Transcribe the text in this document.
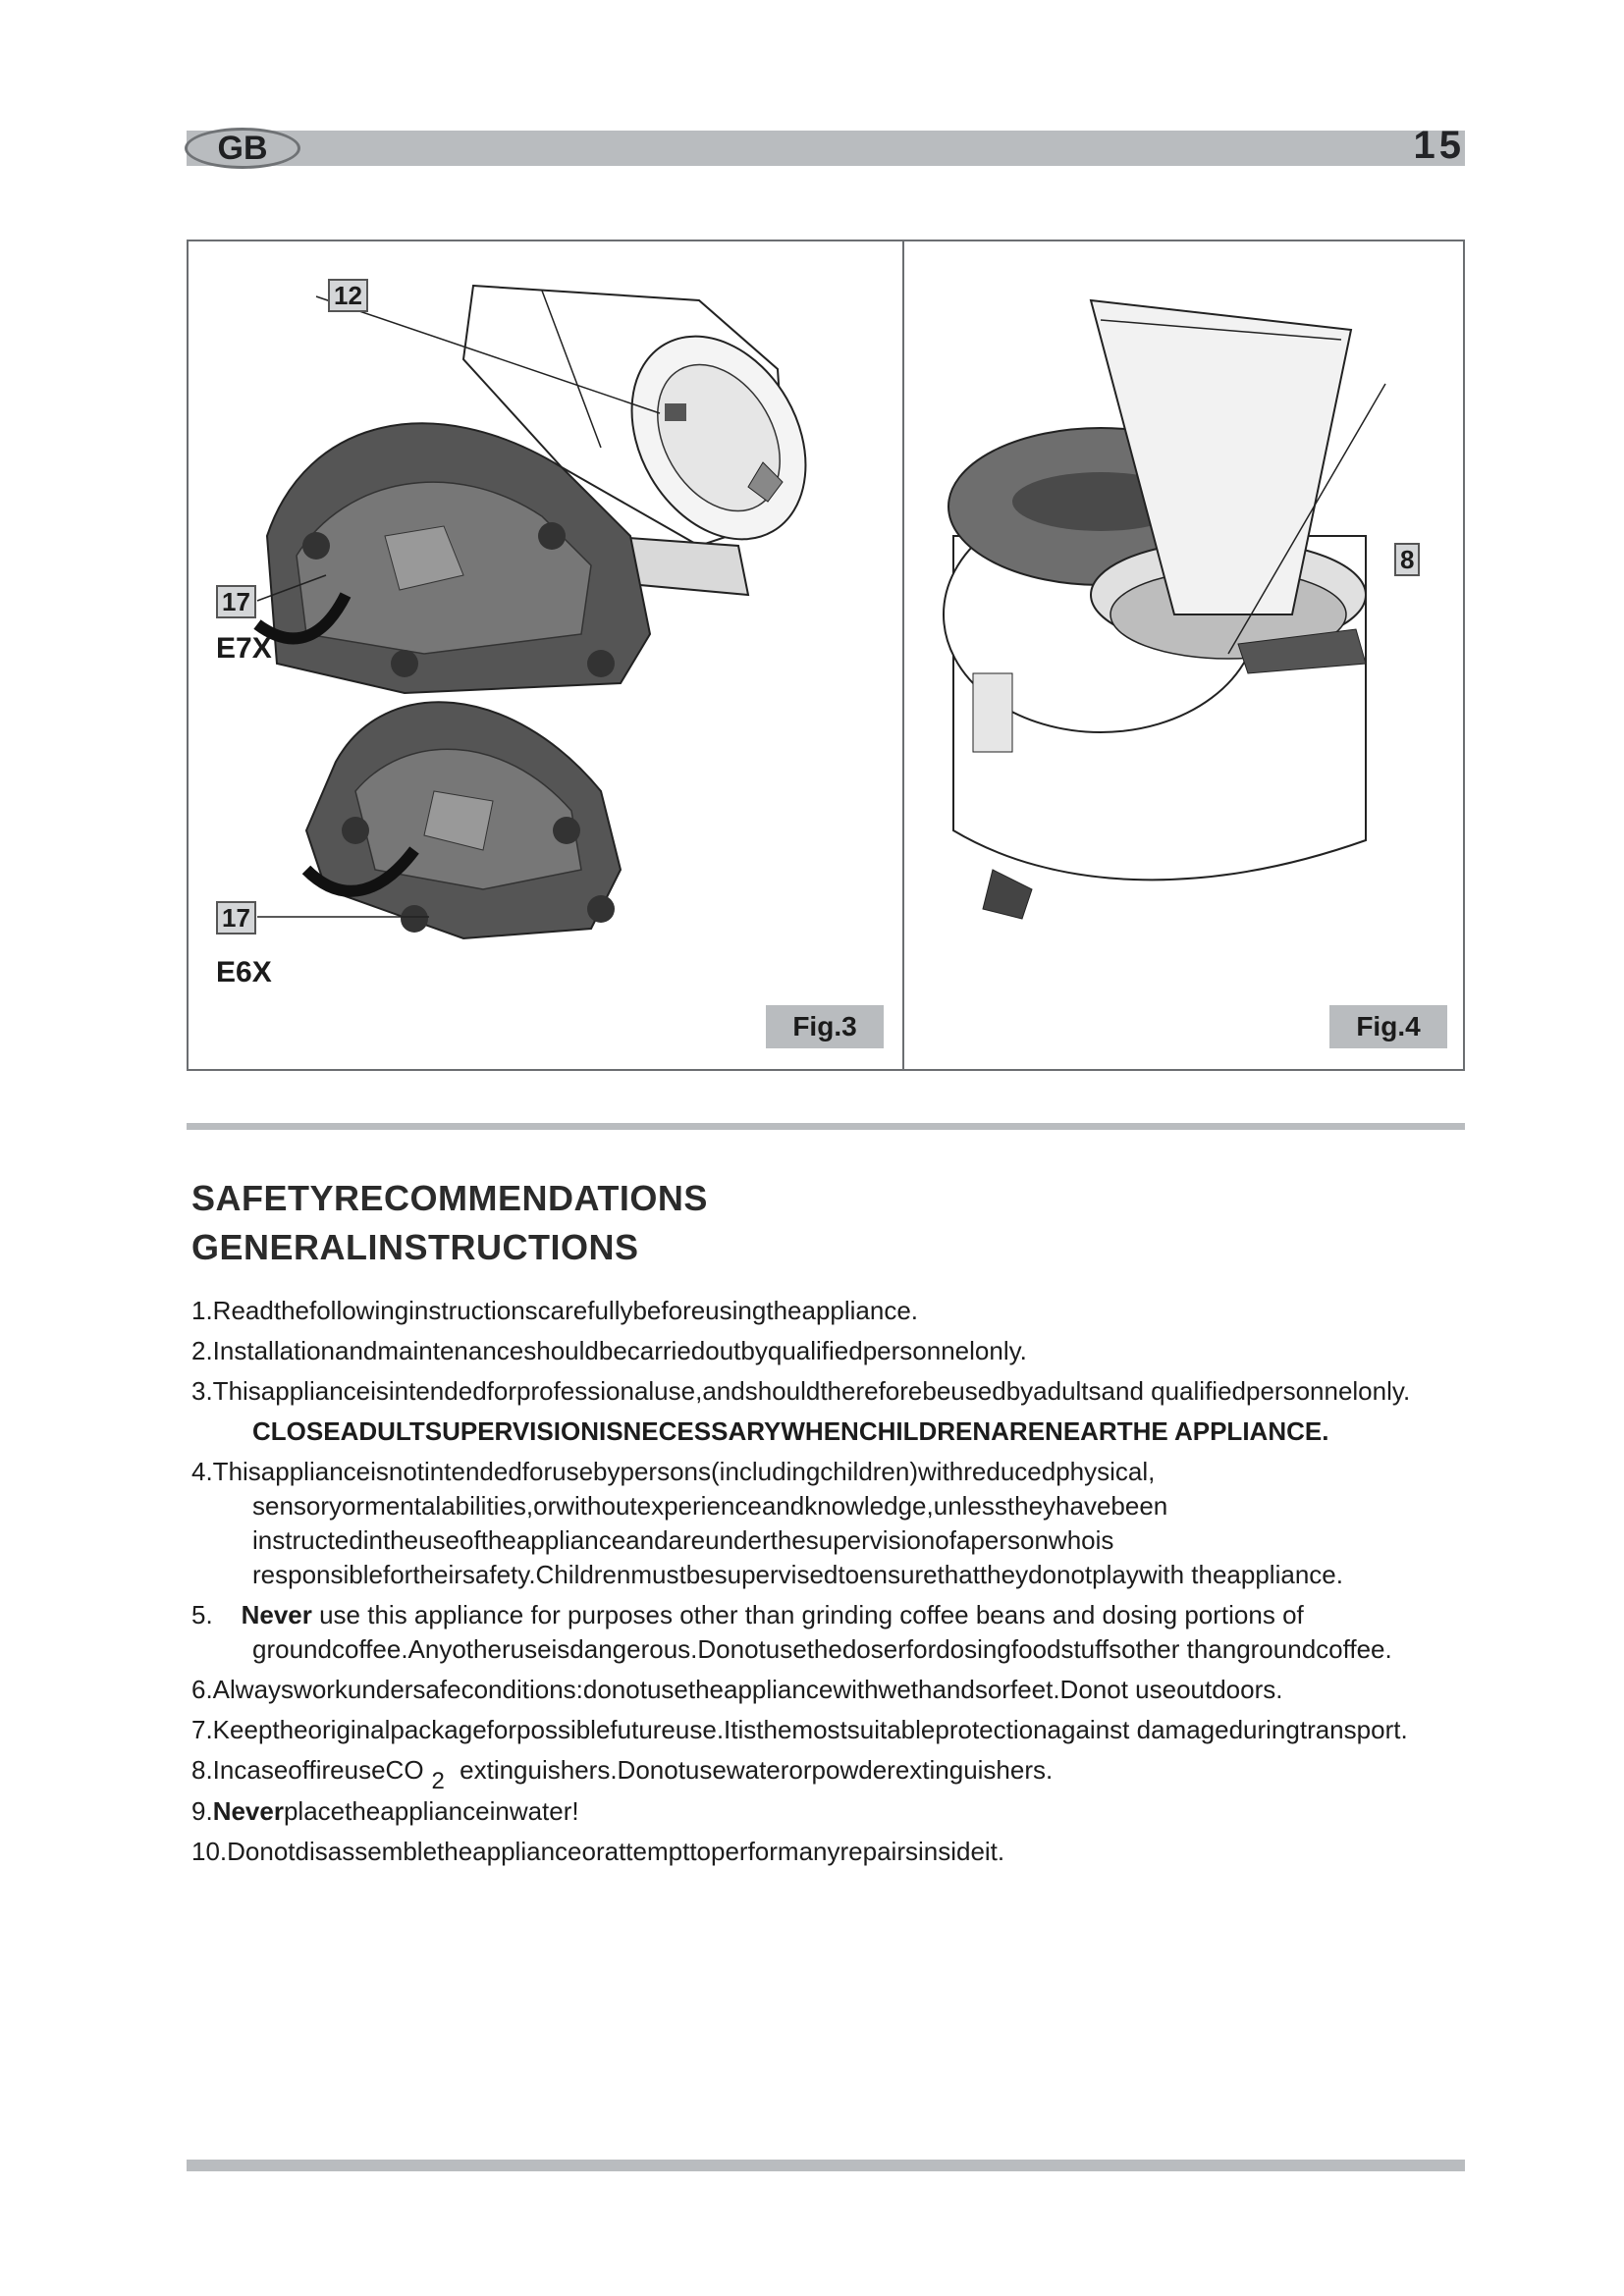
GB	15
12
17
E7X
17
E6X
Fig.3
8
Fig.4
SAFETYRECOMMENDATIONS
GENERALINSTRUCTIONS
1.Readthefollowinginstructionscarefullybeforeusingtheappliance.
2.Installationandmaintenanceshouldbecarriedoutbyqualifiedpersonnelonly.
3.Thisapplianceisintendedforprofessionaluse,andshouldthereforebeusedbyadultsand qualifiedpersonnelonly.
CLOSEADULTSUPERVISIONISNECESSARYWHENCHILDRENARENEARTHE APPLIANCE.
4.Thisapplianceisnotintendedforusebypersons(includingchildren)withreducedphysical, sensoryormentalabilities,orwithoutexperienceandknowledge,unlesstheyhavebeen instructedintheuseoftheapplianceandareunderthesupervisionofapersonwhois responsiblefortheirsafety.Childrenmustbesupervisedtoensurethattheydonotplaywith theappliance.
5. Never use this appliance for purposes other than grinding coffee beans and dosing portions of groundcoffee.Anyotheruseisdangerous.Donotusethedoserfordosingfoodstuffsother thangroundcoffee.
6.Alwaysworkundersafeconditions:donotusetheappliancewithwethandsorfeet.Donot useoutdoors.
7.Keeptheoriginalpackageforpossiblefutureuse.Itisthemostsuitableprotectionagainst damageduringtransport.
8.IncaseoffireuseCO 2 extinguishers.Donotusewaterorpowderextinguishers.
9.Neverplacetheapplianceinwater!
10.Donotdisassembletheapplianceorattempttoperformanyrepairsinsideit.
